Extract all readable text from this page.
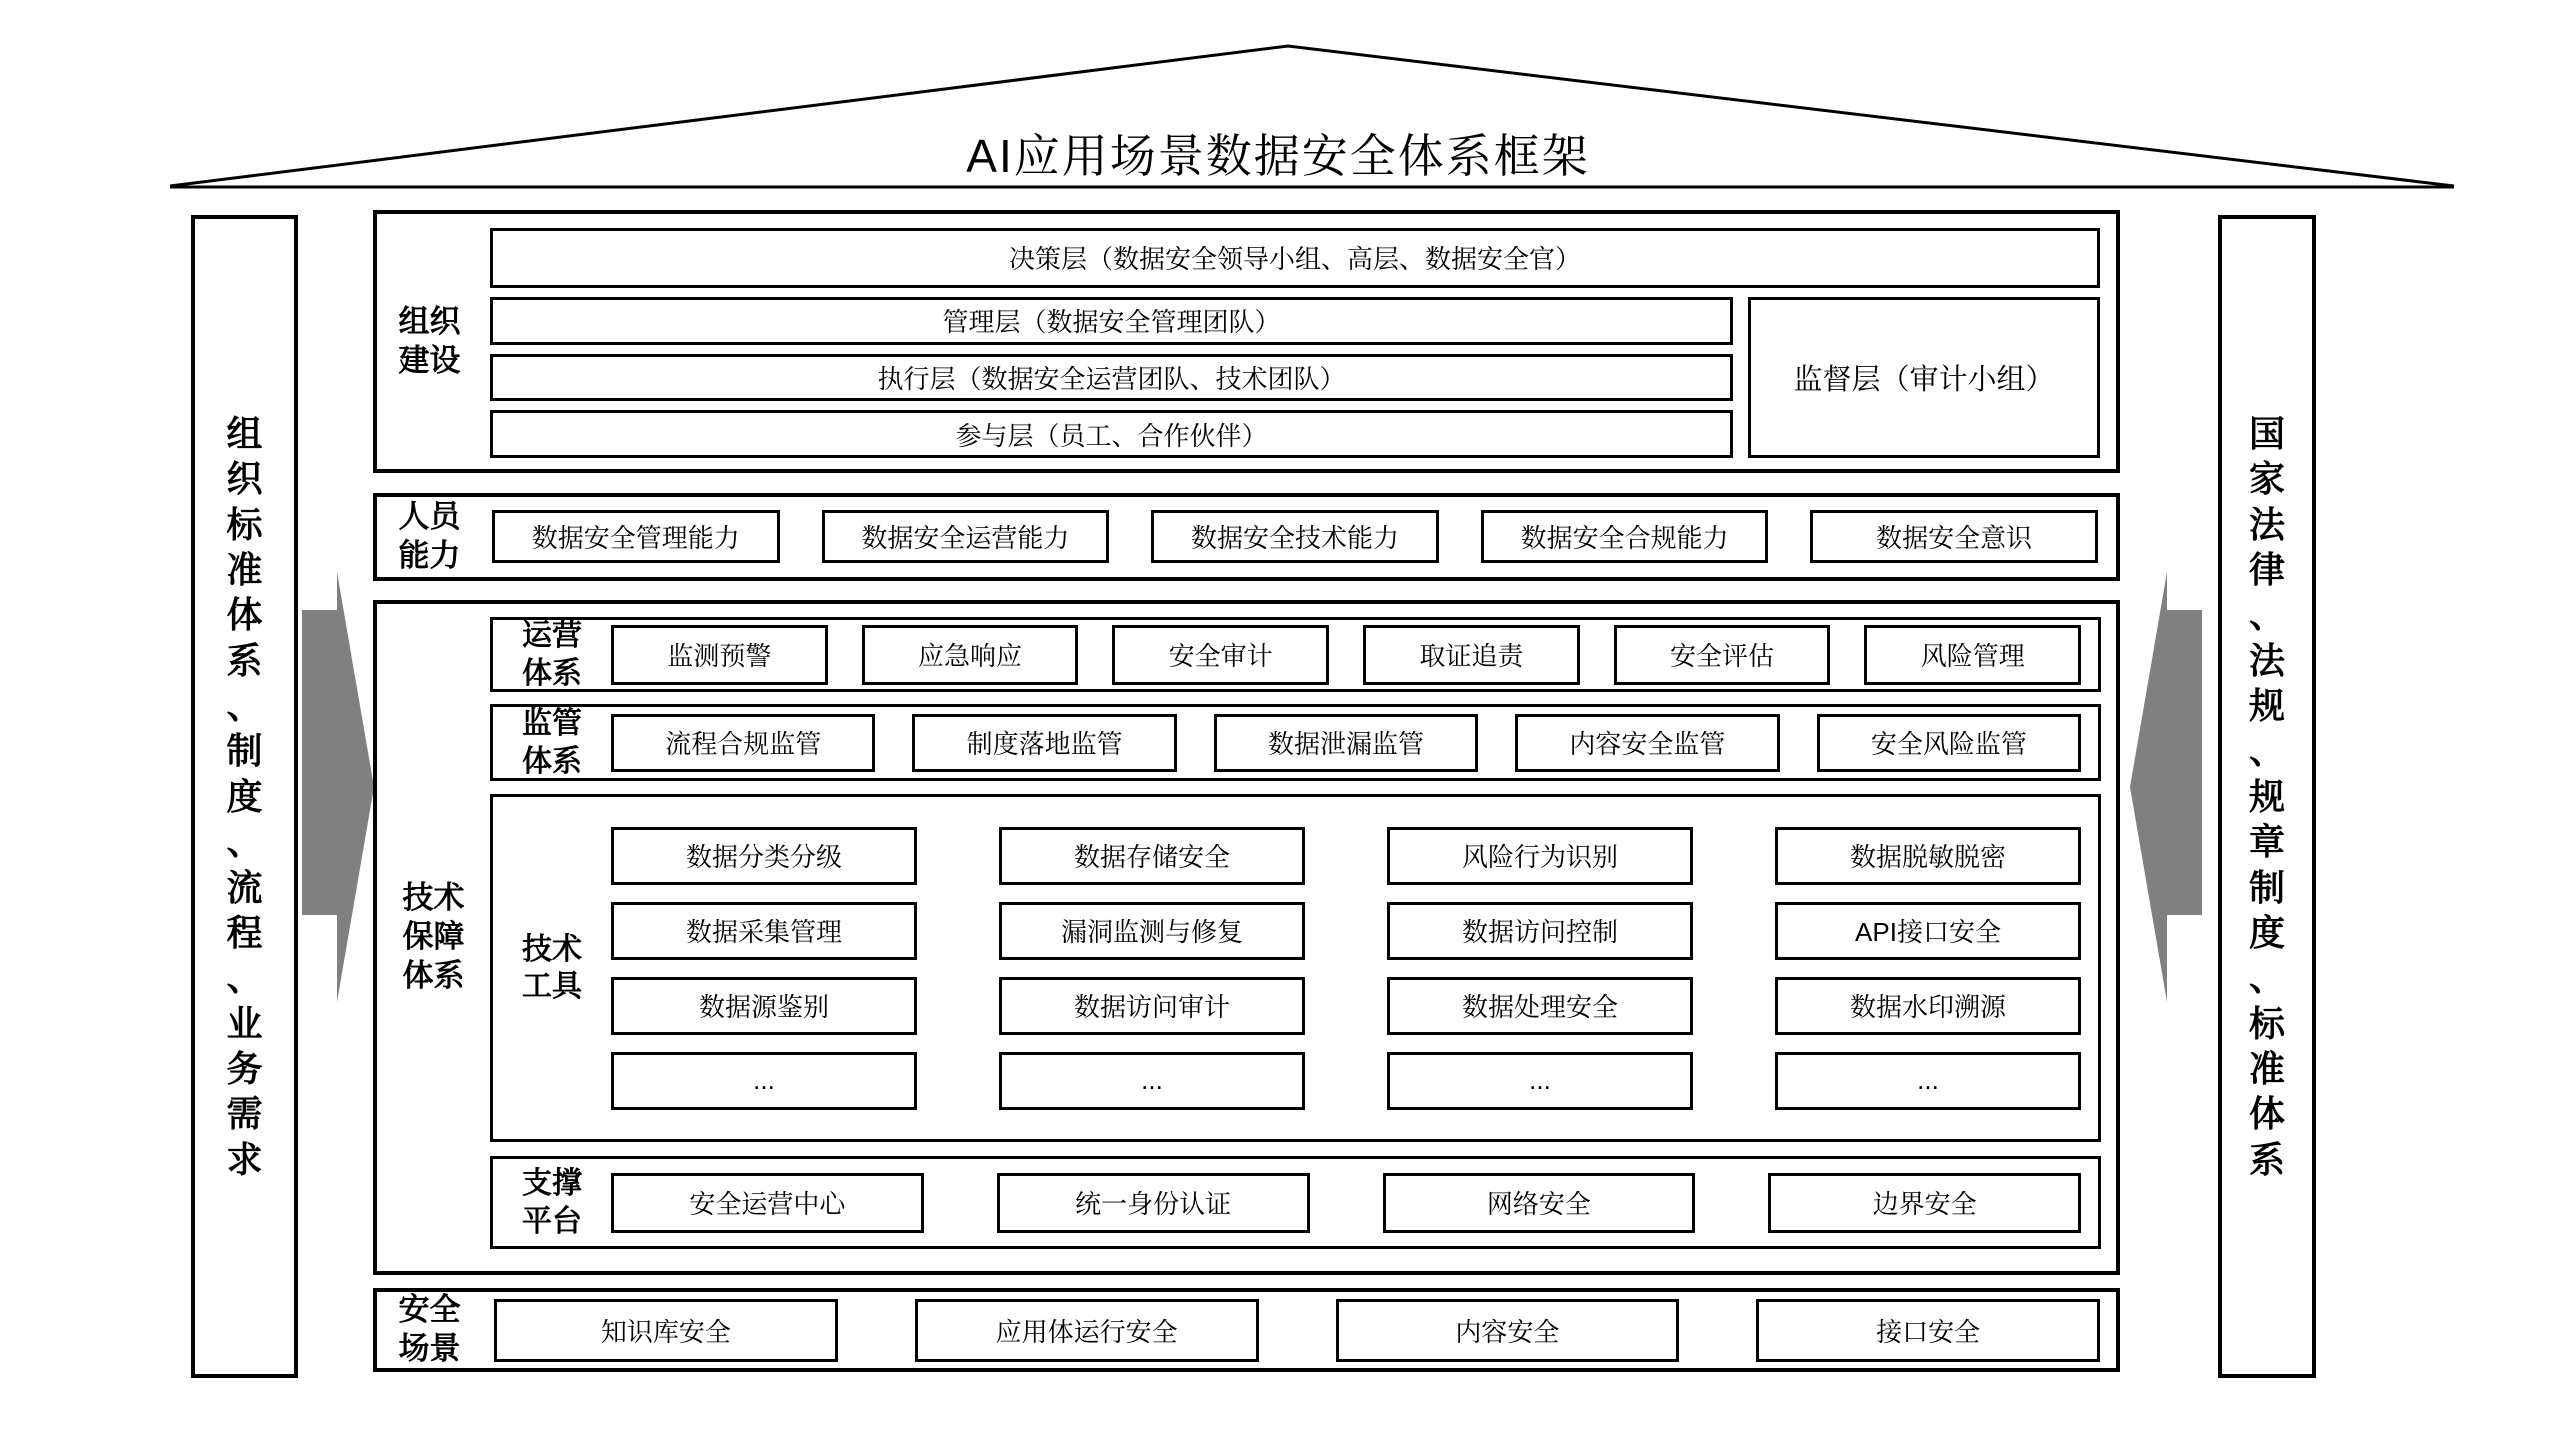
AI应用场景数据安全体系框架
组织标准体系、制度、流程、业务需求
国家法律、法规、规章制度、标准体系
组织建设
决策层（数据安全领导小组、高层、数据安全官）
管理层（数据安全管理团队）
执行层（数据安全运营团队、技术团队）
参与层（员工、合作伙伴）
监督层（审计小组）
人员能力	数据安全管理能力	数据安全运营能力	数据安全技术能力	数据安全合规能力	数据安全意识
技术保障体系
运营体系
监测预警	应急响应	安全审计	取证追责	安全评估	风险管理
监管体系
流程合规监管	制度落地监管	数据泄漏监管	内容安全监管	安全风险监管
技术工具
数据分类分级	数据存储安全	风险行为识别	数据脱敏脱密
数据采集管理	漏洞监测与修复	数据访问控制	API接口安全
数据源鉴别	数据访问审计	数据处理安全	数据水印溯源
...	...	...	...
支撑平台
安全运营中心	统一身份认证	网络安全	边界安全
安全场景	知识库安全	应用体运行安全	内容安全	接口安全
